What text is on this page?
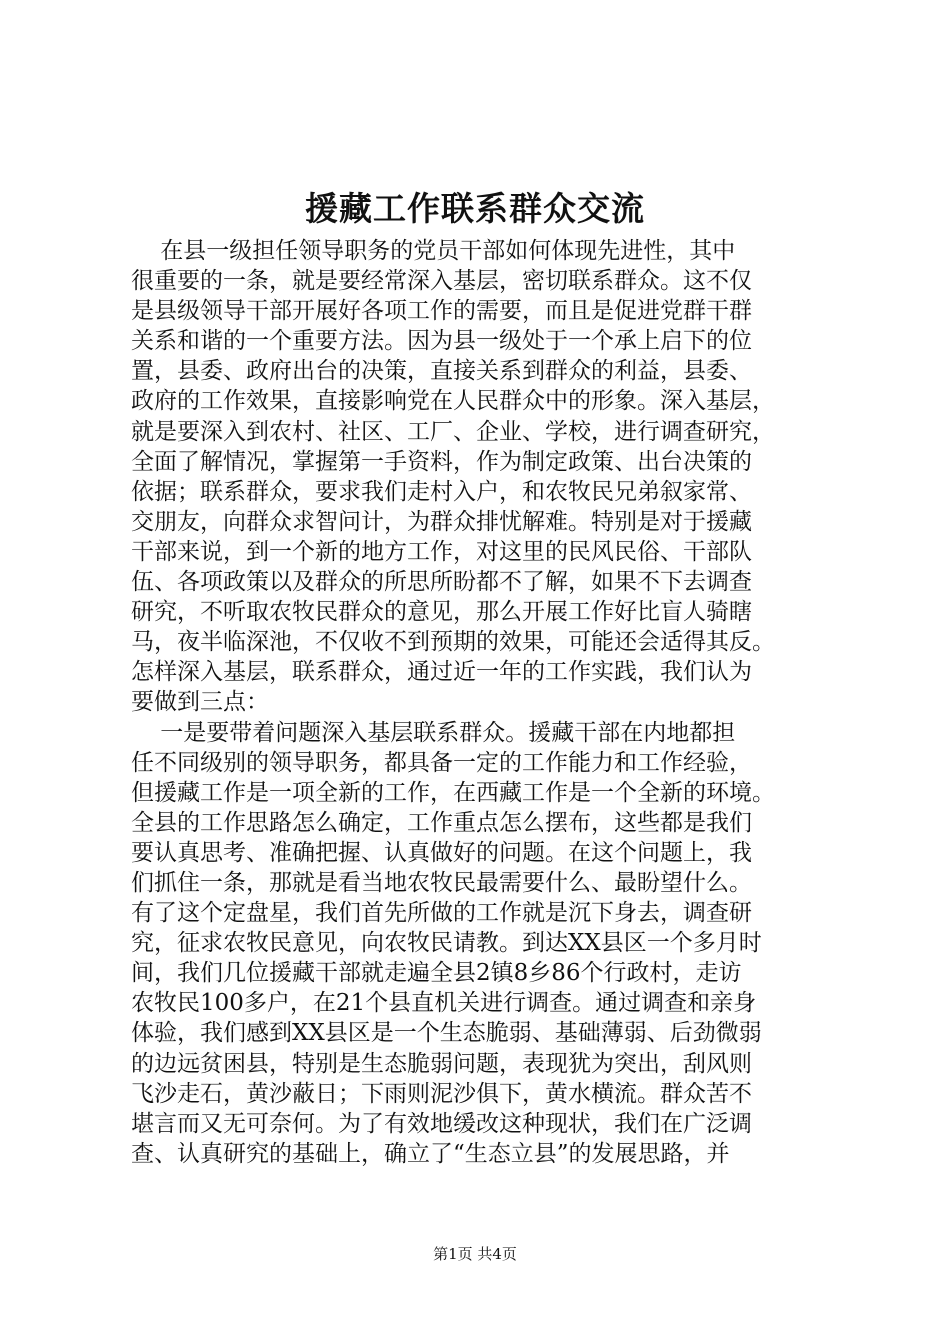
援藏工作联系群众交流

在县一级担任领导职务的党员干部如何体现先进性，其中

很重要的一条，就是要经常深入基层，密切联系群众。这不仅

是县级领导干部开展好各项工作的需要，而且是促进党群干群

关系和谐的一个重要方法。因为县一级处于一个承上启下的位

置，县委、政府出台的决策，直接关系到群众的利益，县委、

政府的工作效果，直接影响党在人民群众中的形象。深入基层，

就是要深入到农村、社区、工厂、企业、学校，进行调查研究，

全面了解情况，掌握第一手资料，作为制定政策、出台决策的

依据；联系群众，要求我们走村入户，和农牧民兄弟叙家常、

交朋友，向群众求智问计，为群众排忧解难。特别是对于援藏

干部来说，到一个新的地方工作，对这里的民风民俗、干部队

伍、各项政策以及群众的所思所盼都不了解，如果不下去调查

研究，不听取农牧民群众的意见，那么开展工作好比盲人骑瞎

马，夜半临深池，不仅收不到预期的效果，可能还会适得其反。

怎样深入基层，联系群众，通过近一年的工作实践，我们认为

要做到三点：

一是要带着问题深入基层联系群众。援藏干部在内地都担

任不同级别的领导职务，都具备一定的工作能力和工作经验，

但援藏工作是一项全新的工作，在西藏工作是一个全新的环境。

全县的工作思路怎么确定，工作重点怎么摆布，这些都是我们

要认真思考、准确把握、认真做好的问题。在这个问题上，我

们抓住一条，那就是看当地农牧民最需要什么、最盼望什么。

有了这个定盘星，我们首先所做的工作就是沉下身去，调查研

究，征求农牧民意见，向农牧民请教。到达XX县区一个多月时

间，我们几位援藏干部就走遍全县2镇8乡86个行政村，走访

农牧民100多户，在21个县直机关进行调查。通过调查和亲身

体验，我们感到XX县区是一个生态脆弱、基础薄弱、后劲微弱

的边远贫困县，特别是生态脆弱问题，表现犹为突出，刮风则

飞沙走石，黄沙蔽日；下雨则泥沙俱下，黄水横流。群众苦不

堪言而又无可奈何。为了有效地缓改这种现状，我们在广泛调

查、认真研究的基础上，确立了“生态立县”的发展思路，并

第1页 共4页
